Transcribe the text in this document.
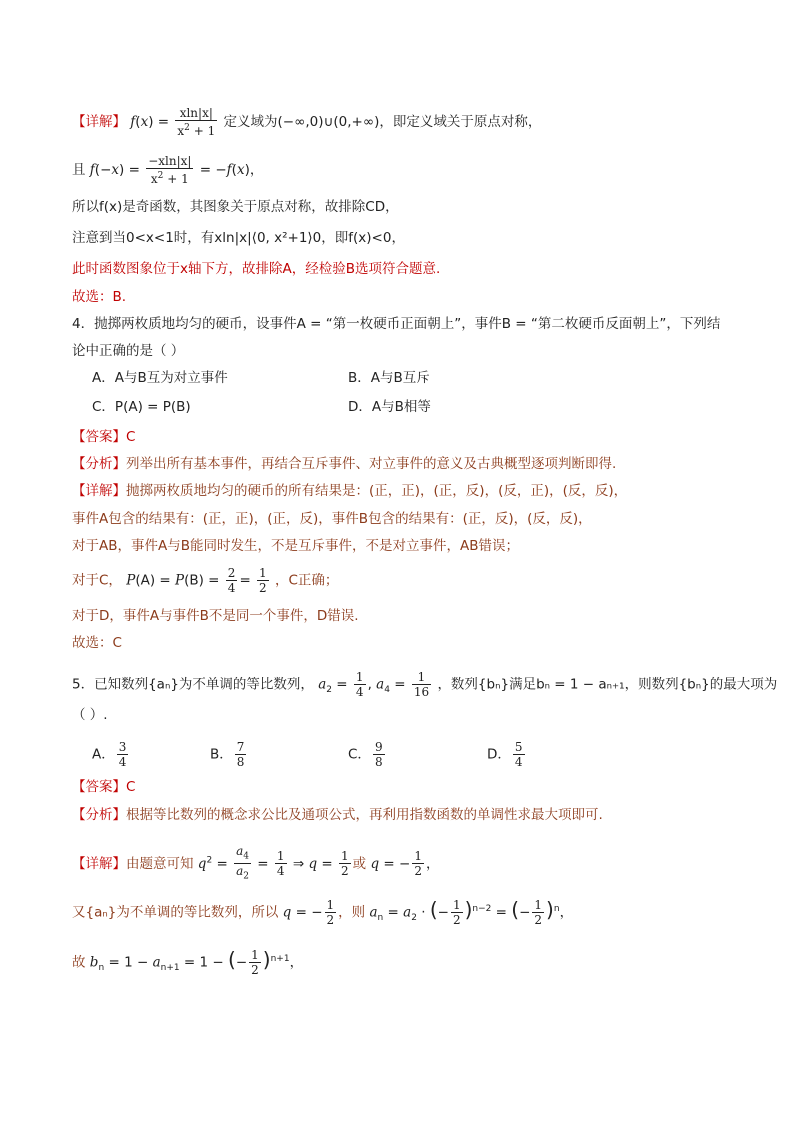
【详解】 $f(x) = \frac{xln|x|}{x^2 + 1}$ 定义域为(−∞,0)∪(0,+∞)，即定义域关于原点对称，
且 $f(-x) = \frac{-xln|x|}{x^2 + 1} = -f(x)$，
所以f(x)是奇函数，其图象关于原点对称，故排除CD，
注意到当0<x<1时，有xln|x|⟨0, x²+1⟩0，即f(x)<0，
此时函数图象位于x轴下方，故排除A，经检验B选项符合题意.
故选：B.
4．抛掷两枚质地均匀的硬币，设事件A = “第一枚硬币正面朝上”，事件B = “第二枚硬币反面朝上”，下列结
论中正确的是（ ）
A．A与B互为对立事件	B．A与B互斥
C．P(A) = P(B)	D．A与B相等
【答案】C
【分析】列举出所有基本事件，再结合互斥事件、对立事件的意义及古典概型逐项判断即得.
【详解】抛掷两枚质地均匀的硬币的所有结果是：(正，正)，(正，反)，(反，正)，(反，反)，
事件A包含的结果有：(正，正)，(正，反)，事件B包含的结果有：(正，反)，(反，反)，
对于AB，事件A与B能同时发生，不是互斥事件，不是对立事件，AB错误；
对于C， $P(A) = P(B) = \frac{2}{4} = \frac{1}{2}$ ，C正确；
对于D，事件A与事件B不是同一个事件，D错误.
故选：C
5．已知数列{aₙ}为不单调的等比数列， $a_2 = \frac{1}{4}$ , $a_4 = \frac{1}{16}$ ，数列{bₙ}满足bₙ = 1 − aₙ₊₁，则数列{bₙ}的最大项为
（ ）.
A． $\frac{3}{4}$	B． $\frac{7}{8}$	C． $\frac{9}{8}$	D． $\frac{5}{4}$
【答案】C
【分析】根据等比数列的概念求公比及通项公式，再利用指数函数的单调性求最大项即可.
【详解】由题意可知 $q^2 = \frac{a_4}{a_2} = \frac{1}{4}$ ⇒ $q = \frac{1}{2}$ 或 q = − $\frac{1}{2}$ ，
又{aₙ}为不单调的等比数列，所以 q = − $\frac{1}{2}$ ，则 $a_n = a_2$ · (− $\frac{1}{2} )^{n-2}$ = (− $\frac{1}{2} )^n$，
故 $b_n = 1 - a_{n+1} = 1$ − (− $\frac{1}{2} )^{n+1}$，
